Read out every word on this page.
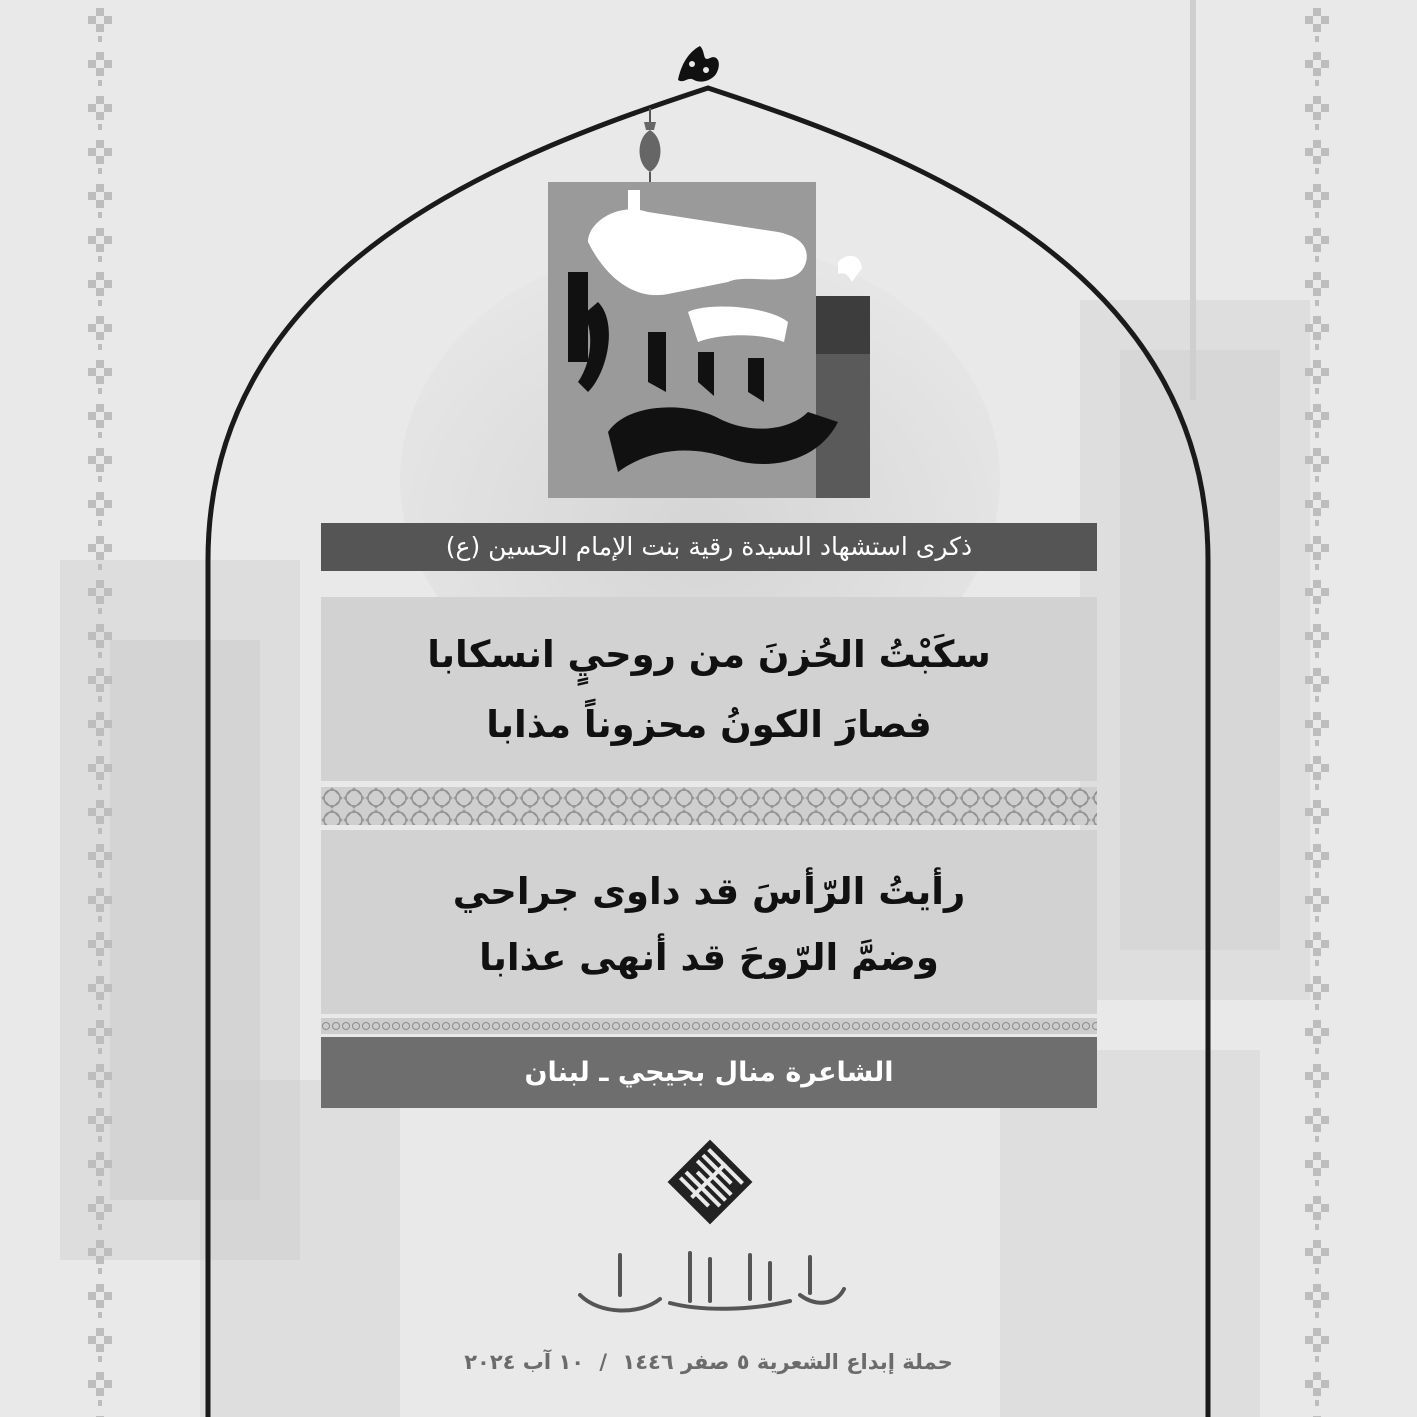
ذكرى استشهاد السيدة رقية بنت الإمام الحسين (ع)
سكَبْتُ الحُزنَ من روحيٍ انسكابا
فصارَ الكونُ محزوناً مذابا
رأيتُ الرّأسَ قد داوى جراحي
وضمَّ الرّوحَ قد أنهى عذابا
الشاعرة منال بجيجي ـ لبنان
حملة إبداع الشعرية ٥ صفر ١٤٤٦ / ١٠ آب ٢٠٢٤
